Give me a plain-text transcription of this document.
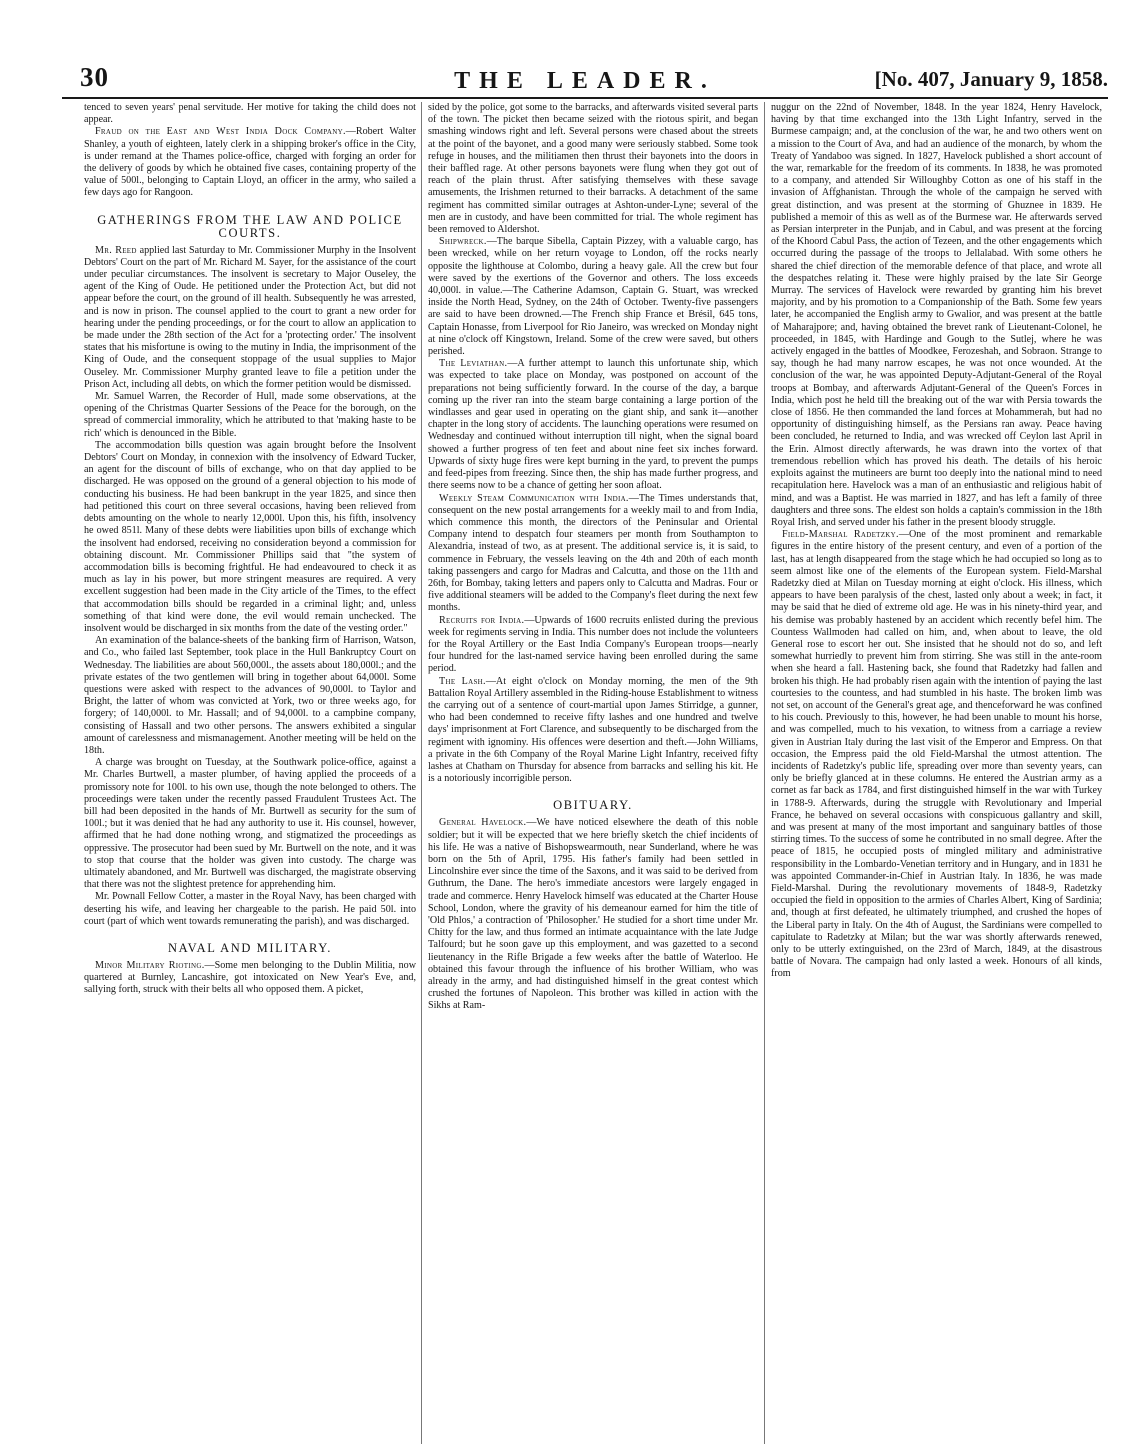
30	THE LEADER.	[No. 407, January 9, 1858.

tenced to seven years' penal servitude. Her motive for taking the child does not appear.

Fraud on the East and West India Dock Company.—Robert Walter Shanley, a youth of eighteen, lately clerk in a shipping broker's office in the City, is under remand at the Thames police-office, charged with forging an order for the delivery of goods by which he obtained five cases, containing property of the value of 500l., belonging to Captain Lloyd, an officer in the army, who sailed a few days ago for Rangoon.

GATHERINGS FROM THE LAW AND POLICE COURTS.

Mr. Reed applied last Saturday to Mr. Commissioner Murphy in the Insolvent Debtors' Court on the part of Mr. Richard M. Sayer, for the assistance of the court under peculiar circumstances. The insolvent is secretary to Major Ouseley, the agent of the King of Oude. He petitioned under the Protection Act, but did not appear before the court, on the ground of ill health. Subsequently he was arrested, and is now in prison. The counsel applied to the court to grant a new order for hearing under the pending proceedings, or for the court to allow an application to be made under the 28th section of the Act for a 'protecting order.' The insolvent states that his misfortune is owing to the mutiny in India, the imprisonment of the King of Oude, and the consequent stoppage of the usual supplies to Major Ouseley. Mr. Commissioner Murphy granted leave to file a petition under the Prison Act, including all debts, on which the former petition would be dismissed.

Mr. Samuel Warren, the Recorder of Hull, made some observations, at the opening of the Christmas Quarter Sessions of the Peace for the borough, on the spread of commercial immorality, which he attributed to that 'making haste to be rich' which is denounced in the Bible.

The accommodation bills question was again brought before the Insolvent Debtors' Court on Monday, in connexion with the insolvency of Edward Tucker, an agent for the discount of bills of exchange, who on that day applied to be discharged. He was opposed on the ground of a general objection to his mode of conducting his business. He had been bankrupt in the year 1825, and since then had petitioned this court on three several occasions, having been relieved from debts amounting on the whole to nearly 12,000l. Upon this, his fifth, insolvency he owed 851l. Many of these debts were liabilities upon bills of exchange which the insolvent had endorsed, receiving no consideration beyond a commission for obtaining discount. Mr. Commissioner Phillips said that "the system of accommodation bills is becoming frightful. He had endeavoured to check it as much as lay in his power, but more stringent measures are required. A very excellent suggestion had been made in the City article of the Times, to the effect that accommodation bills should be regarded in a criminal light; and, unless something of that kind were done, the evil would remain unchecked. The insolvent would be discharged in six months from the date of the vesting order."

An examination of the balance-sheets of the banking firm of Harrison, Watson, and Co., who failed last September, took place in the Hull Bankruptcy Court on Wednesday. The liabilities are about 560,000l., the assets about 180,000l.; and the private estates of the two gentlemen will bring in together about 64,000l. Some questions were asked with respect to the advances of 90,000l. to Taylor and Bright, the latter of whom was convicted at York, two or three weeks ago, for forgery; of 140,000l. to Mr. Hassall; and of 94,000l. to a campbine company, consisting of Hassall and two other persons. The answers exhibited a singular amount of carelessness and mismanagement. Another meeting will be held on the 18th.

A charge was brought on Tuesday, at the Southwark police-office, against a Mr. Charles Burtwell, a master plumber, of having applied the proceeds of a promissory note for 100l. to his own use, though the note belonged to others. The proceedings were taken under the recently passed Fraudulent Trustees Act. The bill had been deposited in the hands of Mr. Burtwell as security for the sum of 100l.; but it was denied that he had any authority to use it. His counsel, however, affirmed that he had done nothing wrong, and stigmatized the proceedings as oppressive. The prosecutor had been sued by Mr. Burtwell on the note, and it was to stop that course that the holder was given into custody. The charge was ultimately abandoned, and Mr. Burtwell was discharged, the magistrate observing that there was not the slightest pretence for apprehending him.

Mr. Pownall Fellow Cotter, a master in the Royal Navy, has been charged with deserting his wife, and leaving her chargeable to the parish. He paid 50l. into court (part of which went towards remunerating the parish), and was discharged.

NAVAL AND MILITARY.

Minor Military Rioting.—Some men belonging to the Dublin Militia, now quartered at Burnley, Lancashire, got intoxicated on New Year's Eve, and, sallying forth, struck with their belts all who opposed them. A picket,

sided by the police, got some to the barracks, and afterwards visited several parts of the town. The picket then became seized with the riotous spirit, and began smashing windows right and left. Several persons were chased about the streets at the point of the bayonet, and a good many were seriously stabbed. Some took refuge in houses, and the militiamen then thrust their bayonets into the doors in their baffled rage. At other persons bayonets were flung when they got out of reach of the plain thrust. After satisfying themselves with these savage amusements, the Irishmen returned to their barracks. A detachment of the same regiment has committed similar outrages at Ashton-under-Lyne; several of the men are in custody, and have been committed for trial. The whole regiment has been removed to Aldershot.

Shipwreck.—The barque Sibella, Captain Pizzey, with a valuable cargo, has been wrecked, while on her return voyage to London, off the rocks nearly opposite the lighthouse at Colombo, during a heavy gale. All the crew but four were saved by the exertions of the Governor and others. The loss exceeds 40,000l. in value.—The Catherine Adamson, Captain G. Stuart, was wrecked inside the North Head, Sydney, on the 24th of October. Twenty-five passengers are said to have been drowned.—The French ship France et Brésil, 645 tons, Captain Honasse, from Liverpool for Rio Janeiro, was wrecked on Monday night at nine o'clock off Kingstown, Ireland. Some of the crew were saved, but others perished.

The Leviathan.—A further attempt to launch this unfortunate ship, which was expected to take place on Monday, was postponed on account of the preparations not being sufficiently forward. In the course of the day, a barque coming up the river ran into the steam barge containing a large portion of the windlasses and gear used in operating on the giant ship, and sank it—another chapter in the long story of accidents. The launching operations were resumed on Wednesday and continued without interruption till night, when the signal board showed a further progress of ten feet and about nine feet six inches forward. Upwards of sixty huge fires were kept burning in the yard, to prevent the pumps and feed-pipes from freezing. Since then, the ship has made further progress, and there seems now to be a chance of getting her soon afloat.

Weekly Steam Communication with India.—The Times understands that, consequent on the new postal arrangements for a weekly mail to and from India, which commence this month, the directors of the Peninsular and Oriental Company intend to despatch four steamers per month from Southampton to Alexandria, instead of two, as at present. The additional service is, it is said, to commence in February, the vessels leaving on the 4th and 20th of each month taking passengers and cargo for Madras and Calcutta, and those on the 11th and 26th, for Bombay, taking letters and papers only to Calcutta and Madras. Four or five additional steamers will be added to the Company's fleet during the next few months.

Recruits for India.—Upwards of 1600 recruits enlisted during the previous week for regiments serving in India. This number does not include the volunteers for the Royal Artillery or the East India Company's European troops—nearly four hundred for the last-named service having been enrolled during the same period.

The Lash.—At eight o'clock on Monday morning, the men of the 9th Battalion Royal Artillery assembled in the Riding-house Establishment to witness the carrying out of a sentence of court-martial upon James Stirridge, a gunner, who had been condemned to receive fifty lashes and one hundred and twelve days' imprisonment at Fort Clarence, and subsequently to be discharged from the regiment with ignominy. His offences were desertion and theft.—John Williams, a private in the 6th Company of the Royal Marine Light Infantry, received fifty lashes at Chatham on Thursday for absence from barracks and selling his kit. He is a notoriously incorrigible person.

OBITUARY.

General Havelock.—We have noticed elsewhere the death of this noble soldier; but it will be expected that we here briefly sketch the chief incidents of his life. He was a native of Bishopswearmouth, near Sunderland, where he was born on the 5th of April, 1795. His father's family had been settled in Lincolnshire ever since the time of the Saxons, and it was said to be derived from Guthrum, the Dane. The hero's immediate ancestors were largely engaged in trade and commerce. Henry Havelock himself was educated at the Charter House School, London, where the gravity of his demeanour earned for him the title of 'Old Phlos,' a contraction of 'Philosopher.' He studied for a short time under Mr. Chitty for the law, and thus formed an intimate acquaintance with the late Judge Talfourd; but he soon gave up this employment, and was gazetted to a second lieutenancy in the Rifle Brigade a few weeks after the battle of Waterloo. He obtained this favour through the influence of his brother William, who was already in the army, and had distinguished himself in the great contest which crushed the fortunes of Napoleon. This brother was killed in action with the Sikhs at Ram-

nuggur on the 22nd of November, 1848. In the year 1824, Henry Havelock, having by that time exchanged into the 13th Light Infantry, served in the Burmese campaign; and, at the conclusion of the war, he and two others went on a mission to the Court of Ava, and had an audience of the monarch, by whom the Treaty of Yandaboo was signed. In 1827, Havelock published a short account of the war, remarkable for the freedom of its comments. In 1838, he was promoted to a company, and attended Sir Willoughby Cotton as one of his staff in the invasion of Affghanistan. Through the whole of the campaign he served with great distinction, and was present at the storming of Ghuznee in 1839. He published a memoir of this as well as of the Burmese war. He afterwards served as Persian interpreter in the Punjab, and in Cabul, and was present at the forcing of the Khoord Cabul Pass, the action of Tezeen, and the other engagements which occurred during the passage of the troops to Jellalabad. With some others he shared the chief direction of the memorable defence of that place, and wrote all the despatches relating it. These were highly praised by the late Sir George Murray. The services of Havelock were rewarded by granting him his brevet majority, and by his promotion to a Companionship of the Bath. Some few years later, he accompanied the English army to Gwalior, and was present at the battle of Maharajpore; and, having obtained the brevet rank of Lieutenant-Colonel, he proceeded, in 1845, with Hardinge and Gough to the Sutlej, where he was actively engaged in the battles of Moodkee, Ferozeshah, and Sobraon. Strange to say, though he had many narrow escapes, he was not once wounded. At the conclusion of the war, he was appointed Deputy-Adjutant-General of the Royal troops at Bombay, and afterwards Adjutant-General of the Queen's Forces in India, which post he held till the breaking out of the war with Persia towards the close of 1856. He then commanded the land forces at Mohammerah, but had no opportunity of distinguishing himself, as the Persians ran away. Peace having been concluded, he returned to India, and was wrecked off Ceylon last April in the Erin. Almost directly afterwards, he was drawn into the vortex of that tremendous rebellion which has proved his death. The details of his heroic exploits against the mutineers are burnt too deeply into the national mind to need recapitulation here. Havelock was a man of an enthusiastic and religious habit of mind, and was a Baptist. He was married in 1827, and has left a family of three daughters and three sons. The eldest son holds a captain's commission in the 18th Royal Irish, and served under his father in the present bloody struggle.

Field-Marshal Radetzky.—One of the most prominent and remarkable figures in the entire history of the present century, and even of a portion of the last, has at length disappeared from the stage which he had occupied so long as to seem almost like one of the elements of the European system. Field-Marshal Radetzky died at Milan on Tuesday morning at eight o'clock. His illness, which appears to have been paralysis of the chest, lasted only about a week; in fact, it may be said that he died of extreme old age. He was in his ninety-third year, and his demise was probably hastened by an accident which recently befel him. The Countess Wallmoden had called on him, and, when about to leave, the old General rose to escort her out. She insisted that he should not do so, and left somewhat hurriedly to prevent him from stirring. She was still in the ante-room when she heard a fall. Hastening back, she found that Radetzky had fallen and broken his thigh. He had probably risen again with the intention of paying the last courtesies to the countess, and had stumbled in his haste. The broken limb was not set, on account of the General's great age, and thenceforward he was confined to his couch. Previously to this, however, he had been unable to mount his horse, and was compelled, much to his vexation, to witness from a carriage a review given in Austrian Italy during the last visit of the Emperor and Empress. On that occasion, the Empress paid the old Field-Marshal the utmost attention. The incidents of Radetzky's public life, spreading over more than seventy years, can only be briefly glanced at in these columns. He entered the Austrian army as a cornet as far back as 1784, and first distinguished himself in the war with Turkey in 1788-9. Afterwards, during the struggle with Revolutionary and Imperial France, he behaved on several occasions with conspicuous gallantry and skill, and was present at many of the most important and sanguinary battles of those stirring times. To the success of some he contributed in no small degree. After the peace of 1815, he occupied posts of mingled military and administrative responsibility in the Lombardo-Venetian territory and in Hungary, and in 1831 he was appointed Commander-in-Chief in Austrian Italy. In 1836, he was made Field-Marshal. During the revolutionary movements of 1848-9, Radetzky occupied the field in opposition to the armies of Charles Albert, King of Sardinia; and, though at first defeated, he ultimately triumphed, and crushed the hopes of the Liberal party in Italy. On the 4th of August, the Sardinians were compelled to capitulate to Radetzky at Milan; but the war was shortly afterwards renewed, only to be utterly extinguished, on the 23rd of March, 1849, at the disastrous battle of Novara. The campaign had only lasted a week. Honours of all kinds, from
